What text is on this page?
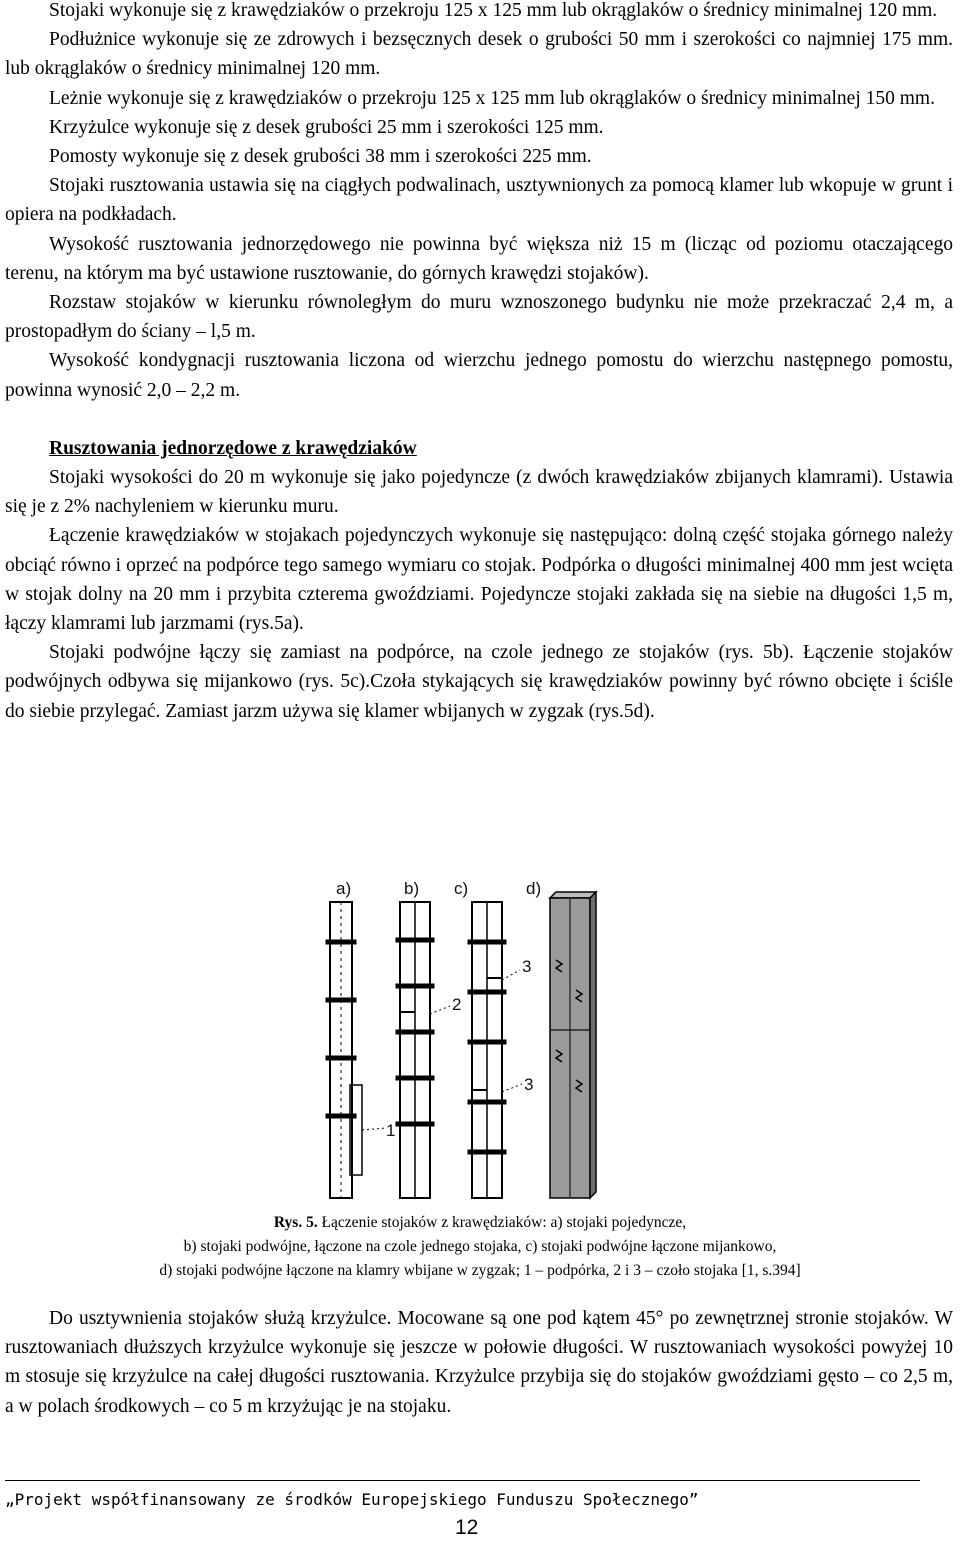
Stojaki wykonuje się z krawędziaków o przekroju 125 x 125 mm lub okrąglaków o średnicy minimalnej 120 mm.

Podłużnice wykonuje się ze zdrowych i bezsęcznych desek o grubości 50 mm i szerokości co najmniej 175 mm. lub okrąglaków o średnicy minimalnej 120 mm.

Leżnie wykonuje się z krawędziaków o przekroju 125 x 125 mm lub okrąglaków o średnicy minimalnej 150 mm.

Krzyżulce wykonuje się z desek grubości 25 mm i szerokości 125 mm.

Pomosty wykonuje się z desek grubości 38 mm i szerokości 225 mm.

Stojaki rusztowania ustawia się na ciągłych podwalinach, usztywnionych za pomocą klamer lub wkopuje w grunt i opiera na podkładach.

Wysokość rusztowania jednorzędowego nie powinna być większa niż 15 m (licząc od poziomu otaczającego terenu, na którym ma być ustawione rusztowanie, do górnych krawędzi stojaków).

Rozstaw stojaków w kierunku równoległym do muru wznoszonego budynku nie może przekraczać 2,4 m, a prostopadłym do ściany – l,5 m.

Wysokość kondygnacji rusztowania liczona od wierzchu jednego pomostu do wierzchu następnego pomostu, powinna wynosić 2,0 – 2,2 m.

Rusztowania jednorzędowe z krawędziaków

Stojaki wysokości do 20 m wykonuje się jako pojedyncze (z dwóch krawędziaków zbijanych klamrami). Ustawia się je z 2% nachyleniem w kierunku muru.

Łączenie krawędziaków w stojakach pojedynczych wykonuje się następująco: dolną część stojaka górnego należy obciąć równo i oprzeć na podpórce tego samego wymiaru co stojak. Podpórka o długości minimalnej 400 mm jest wcięta w stojak dolny na 20 mm i przybita czterema gwoździami. Pojedyncze stojaki zakłada się na siebie na długości 1,5 m, łączy klamrami lub jarzmami (rys.5a).

Stojaki podwójne łączy się zamiast na podpórce, na czole jednego ze stojaków (rys. 5b). Łączenie stojaków podwójnych odbywa się mijankowo (rys. 5c).Czoła stykających się krawędziaków powinny być równo obcięte i ściśle do siebie przylegać. Zamiast jarzm używa się klamer wbijanych w zygzak (rys.5d).

a)	b) c)	d)
1
2
3
3

Rys. 5. Łączenie stojaków z krawędziaków: a) stojaki pojedyncze,

b) stojaki podwójne, łączone na czole jednego stojaka, c) stojaki podwójne łączone mijankowo,

d) stojaki podwójne łączone na klamry wbijane w zygzak; 1 – podpórka, 2 i 3 – czoło stojaka [1, s.394]

Do usztywnienia stojaków służą krzyżulce. Mocowane są one pod kątem 45° po zewnętrznej stronie stojaków. W rusztowaniach dłuższych krzyżulce wykonuje się jeszcze w połowie długości. W rusztowaniach wysokości powyżej 10 m stosuje się krzyżulce na całej długości rusztowania. Krzyżulce przybija się do stojaków gwoździami gęsto – co 2,5 m, a w polach środkowych – co 5 m krzyżując je na stojaku.

„Projekt współfinansowany ze środków Europejskiego Funduszu Społecznego”
12
